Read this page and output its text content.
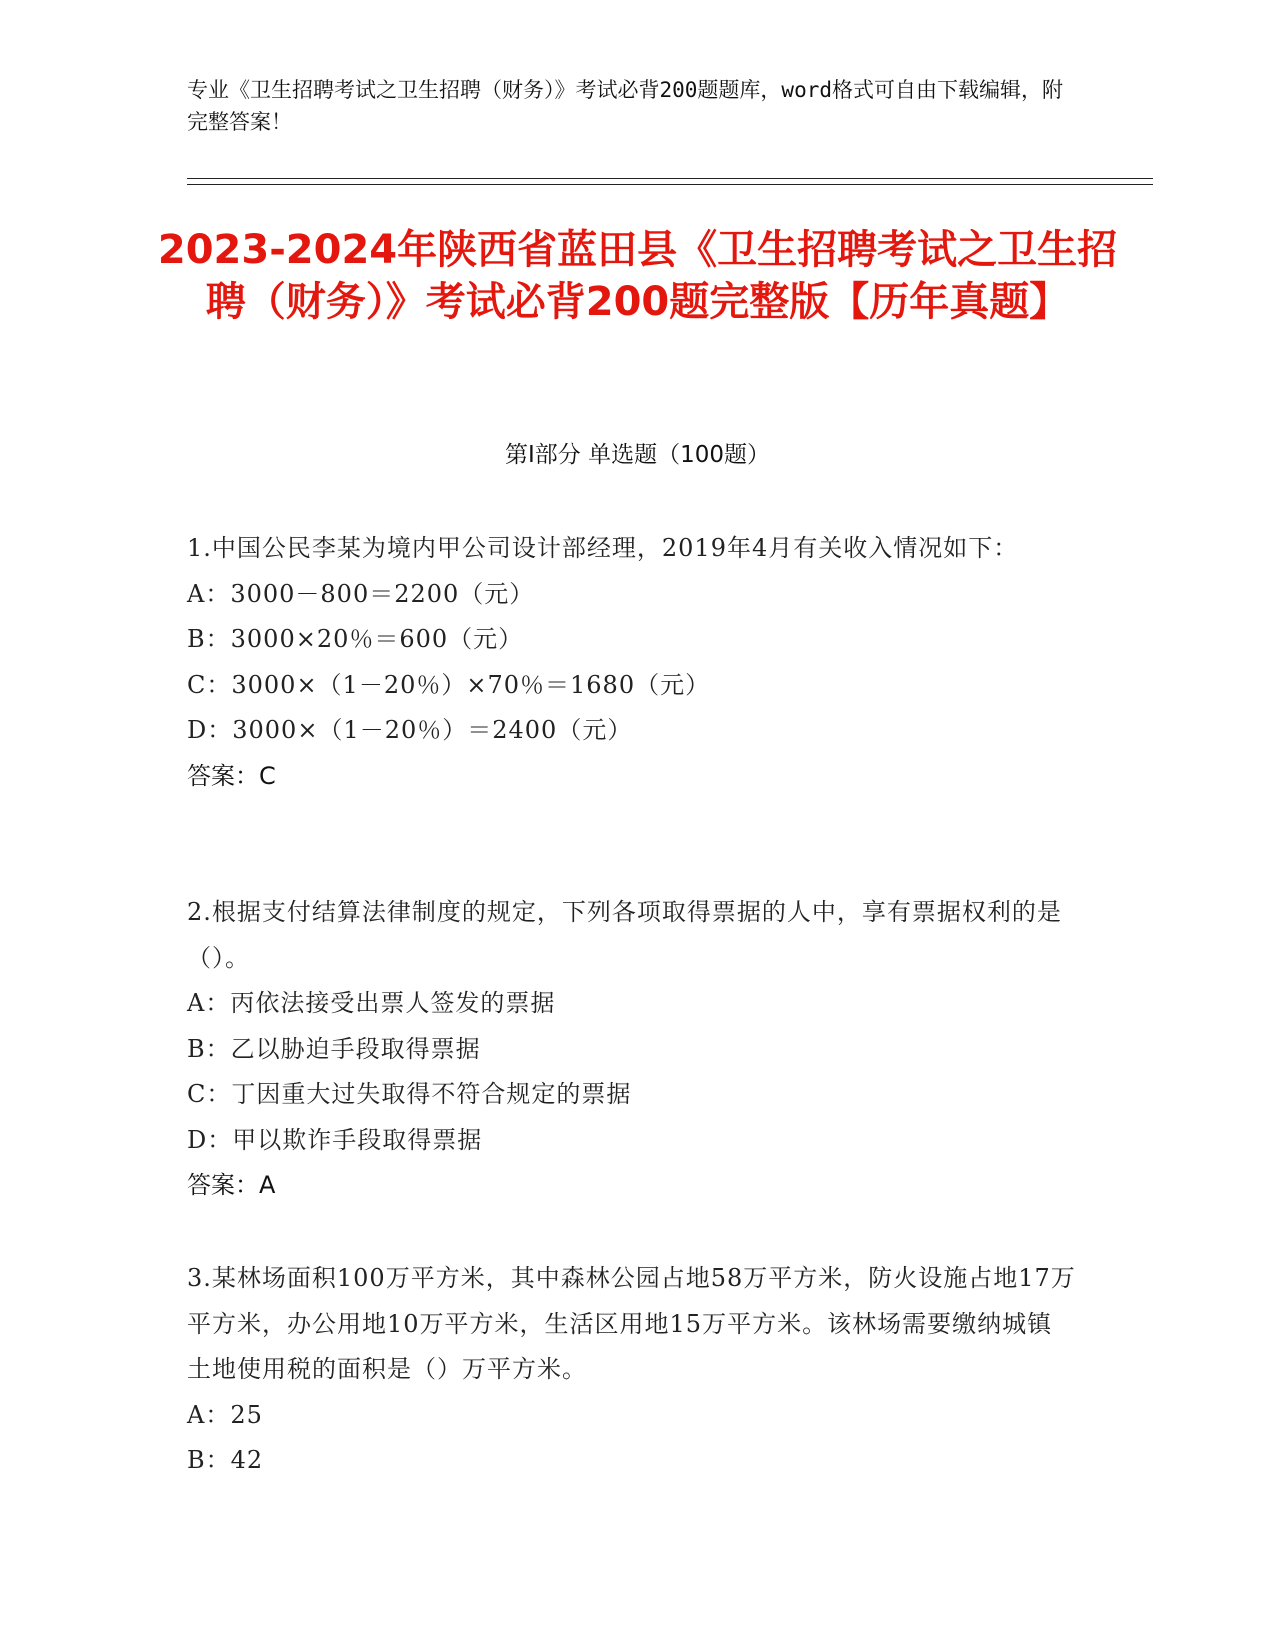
专业《卫生招聘考试之卫生招聘（财务）》考试必背200题题库，word格式可自由下载编辑，附完整答案！
2023-2024年陕西省蓝田县《卫生招聘考试之卫生招聘（财务）》考试必背200题完整版【历年真题】
第Ⅰ部分 单选题（100题）
1.中国公民李某为境内甲公司设计部经理，2019年4月有关收入情况如下：
A：3000－800＝2200（元）
B：3000×20％＝600（元）
C：3000×（1－20％）×70％＝1680（元）
D：3000×（1－20％）＝2400（元）
答案：C
2.根据支付结算法律制度的规定，下列各项取得票据的人中，享有票据权利的是（）。
A：丙依法接受出票人签发的票据
B：乙以胁迫手段取得票据
C：丁因重大过失取得不符合规定的票据
D：甲以欺诈手段取得票据
答案：A
3.某林场面积100万平方米，其中森林公园占地58万平方米，防火设施占地17万平方米，办公用地10万平方米，生活区用地15万平方米。该林场需要缴纳城镇土地使用税的面积是（）万平方米。
A：25
B：42
